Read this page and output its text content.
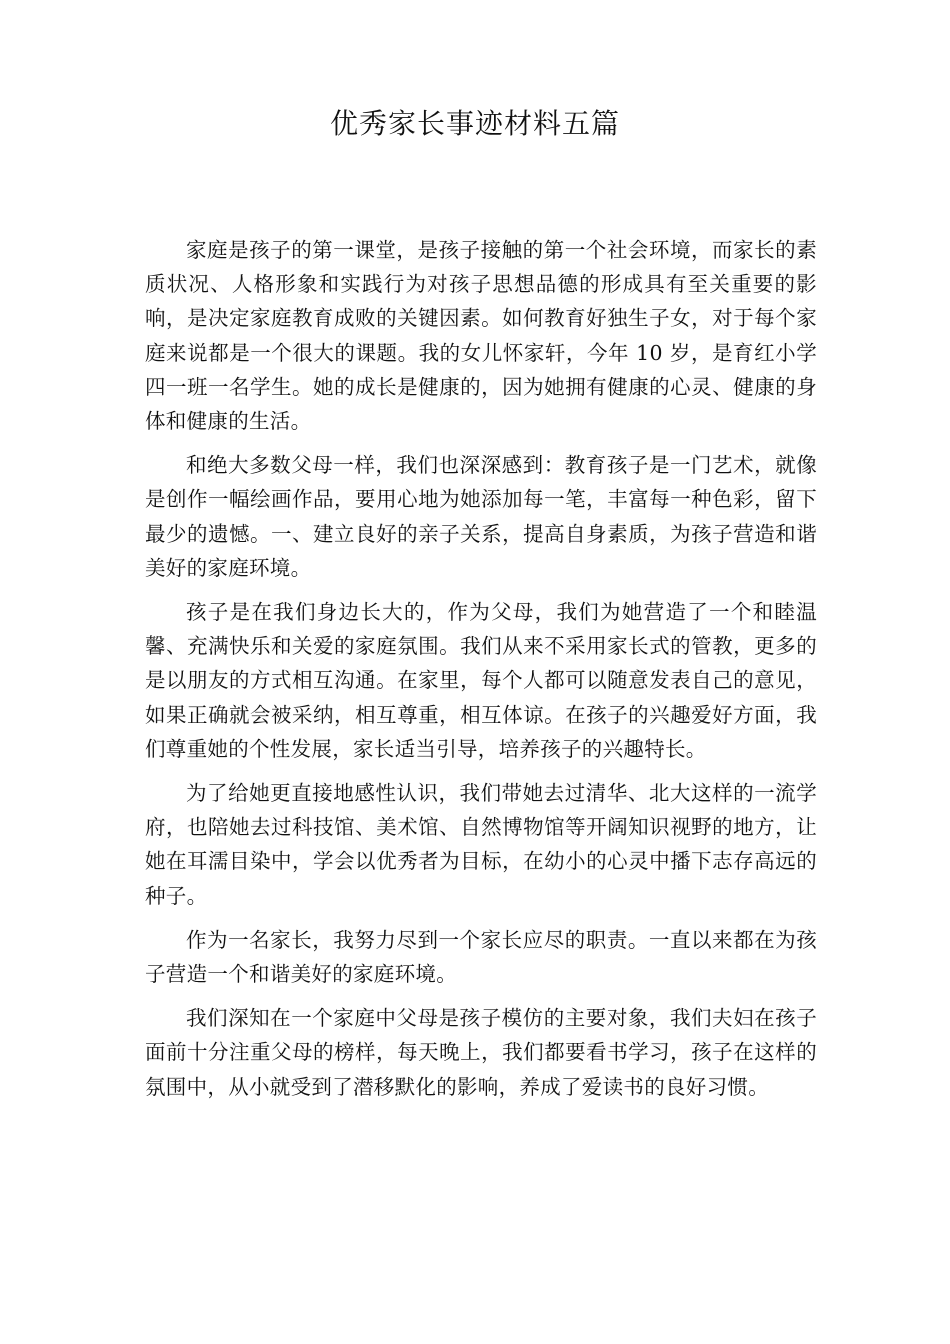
优秀家长事迹材料五篇

家庭是孩子的第一课堂，是孩子接触的第一个社会环境，而家长的素质状况、人格形象和实践行为对孩子思想品德的形成具有至关重要的影响，是决定家庭教育成败的关键因素。如何教育好独生子女，对于每个家庭来说都是一个很大的课题。我的女儿怀家轩，今年 10 岁，是育红小学四一班一名学生。她的成长是健康的，因为她拥有健康的心灵、健康的身体和健康的生活。

和绝大多数父母一样，我们也深深感到：教育孩子是一门艺术，就像是创作一幅绘画作品，要用心地为她添加每一笔，丰富每一种色彩，留下最少的遗憾。一、建立良好的亲子关系，提高自身素质，为孩子营造和谐美好的家庭环境。

孩子是在我们身边长大的，作为父母，我们为她营造了一个和睦温馨、充满快乐和关爱的家庭氛围。我们从来不采用家长式的管教，更多的是以朋友的方式相互沟通。在家里，每个人都可以随意发表自己的意见，如果正确就会被采纳，相互尊重，相互体谅。在孩子的兴趣爱好方面，我们尊重她的个性发展，家长适当引导，培养孩子的兴趣特长。

为了给她更直接地感性认识，我们带她去过清华、北大这样的一流学府，也陪她去过科技馆、美术馆、自然博物馆等开阔知识视野的地方，让她在耳濡目染中，学会以优秀者为目标，在幼小的心灵中播下志存高远的种子。

作为一名家长，我努力尽到一个家长应尽的职责。一直以来都在为孩子营造一个和谐美好的家庭环境。

我们深知在一个家庭中父母是孩子模仿的主要对象，我们夫妇在孩子面前十分注重父母的榜样，每天晚上，我们都要看书学习，孩子在这样的氛围中，从小就受到了潜移默化的影响，养成了爱读书的良好习惯。
